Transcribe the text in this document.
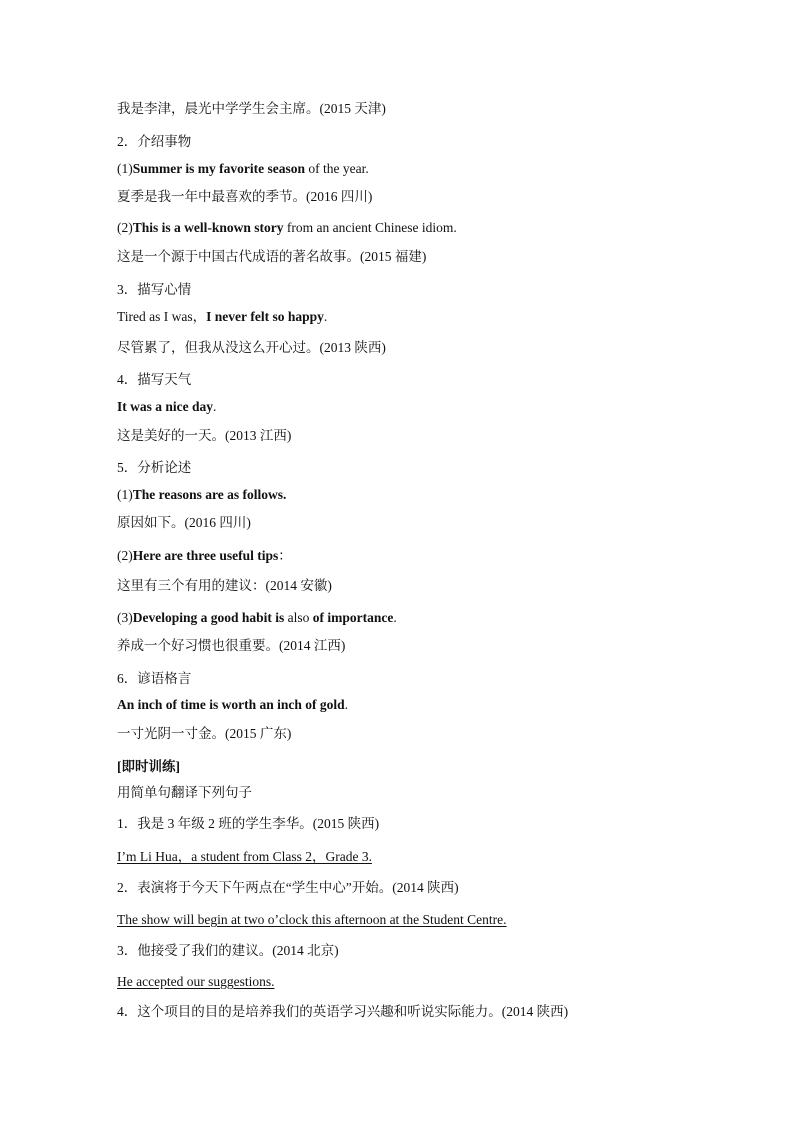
我是李津，晨光中学学生会主席。(2015 天津)
2．介绍事物
(1)Summer is my favorite season of the year.
夏季是我一年中最喜欢的季节。(2016 四川)
(2)This is a well-known story from an ancient Chinese idiom.
这是一个源于中国古代成语的著名故事。(2015 福建)
3．描写心情
Tired as I was，I never felt so happy.
尽管累了，但我从没这么开心过。(2013 陕西)
4．描写天气
It was a nice day.
这是美好的一天。(2013 江西)
5．分析论述
(1)The reasons are as follows.
原因如下。(2016 四川)
(2)Here are three useful tips：
这里有三个有用的建议：(2014 安徽)
(3)Developing a good habit is also of importance.
养成一个好习惯也很重要。(2014 江西)
6．谚语格言
An inch of time is worth an inch of gold.
一寸光阴一寸金。(2015 广东)
[即时训练]
用简单句翻译下列句子
1．我是 3 年级 2 班的学生李华。(2015 陕西)
I’m Li Hua，a student from Class 2，Grade 3.
2．表演将于今天下午两点在“学生中心”开始。(2014 陕西)
The show will begin at two o’clock this afternoon at the Student Centre.
3．他接受了我们的建议。(2014 北京)
He accepted our suggestions.
4．这个项目的目的是培养我们的英语学习兴趣和听说实际能力。(2014 陕西)
